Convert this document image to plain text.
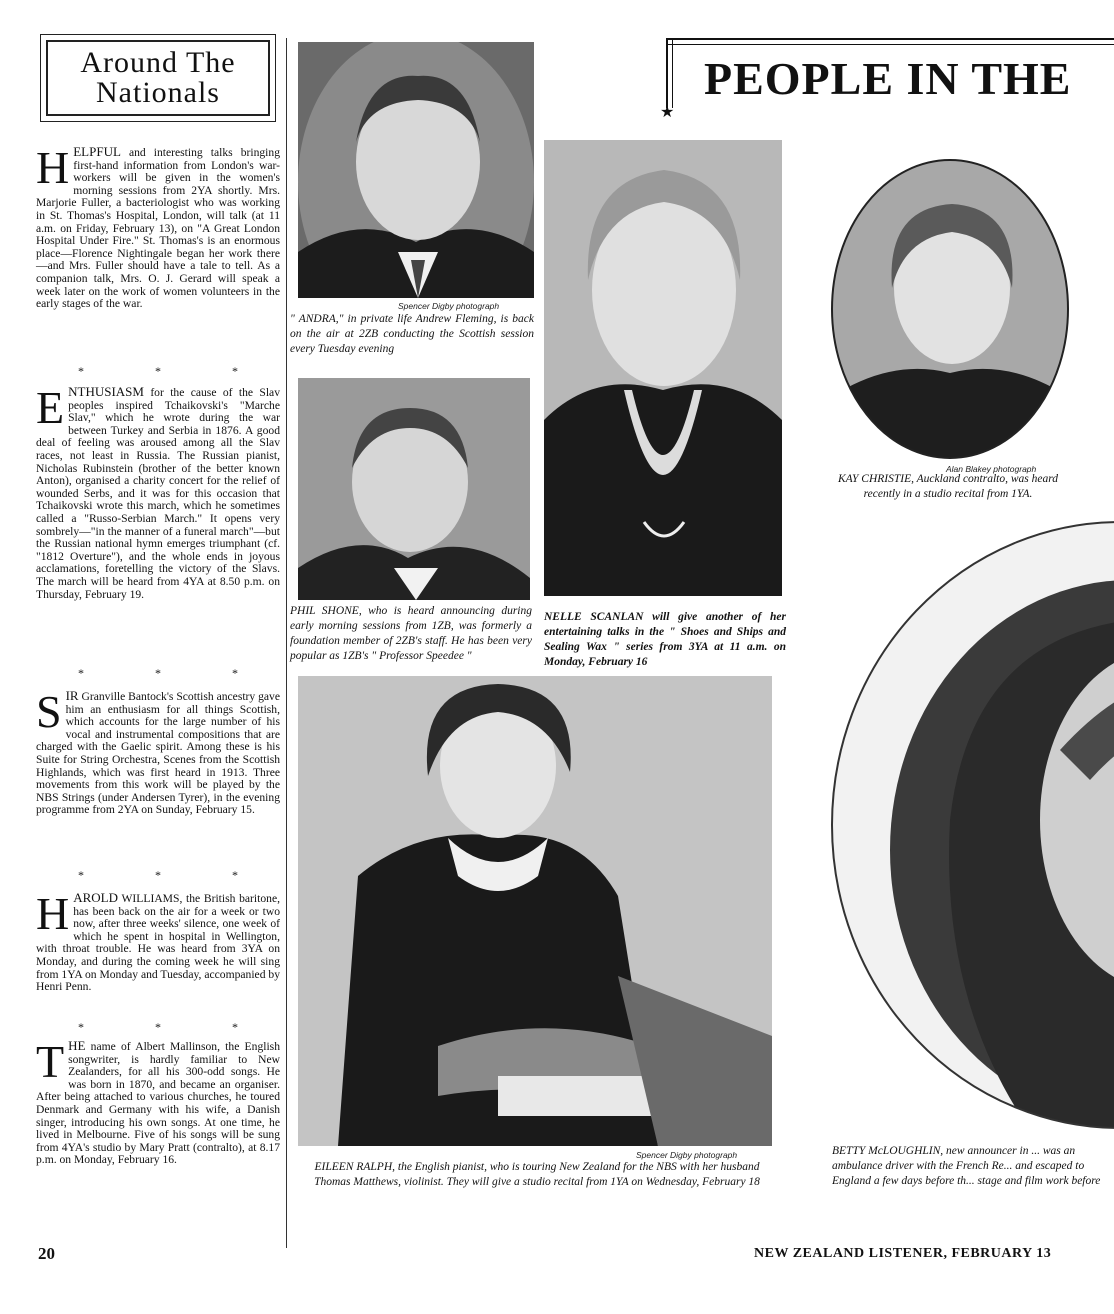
Around The
Nationals
HELPFUL and interesting talks bringing first-hand information from London's war-workers will be given in the women's morning sessions from 2YA shortly. Mrs. Marjorie Fuller, a bacteriologist who was working in St. Thomas's Hospital, London, will talk (at 11 a.m. on Friday, February 13), on "A Great London Hospital Under Fire." St. Thomas's is an enormous place—Florence Nightingale began her work there—and Mrs. Fuller should have a tale to tell. As a companion talk, Mrs. O. J. Gerard will speak a week later on the work of women volunteers in the early stages of the war.
* * *
ENTHUSIASM for the cause of the Slav peoples inspired Tchaikovski's "Marche Slav," which he wrote during the war between Turkey and Serbia in 1876. A good deal of feeling was aroused among all the Slav races, not least in Russia. The Russian pianist, Nicholas Rubinstein (brother of the better known Anton), organised a charity concert for the relief of wounded Serbs, and it was for this occasion that Tchaikovski wrote this march, which he sometimes called a "Russo-Serbian March." It opens very sombrely—"in the manner of a funeral march"—but the Russian national hymn emerges triumphant (cf. "1812 Overture"), and the whole ends in joyous acclamations, foretelling the victory of the Slavs. The march will be heard from 4YA at 8.50 p.m. on Thursday, February 19.
* * *
SIR Granville Bantock's Scottish ancestry gave him an enthusiasm for all things Scottish, which accounts for the large number of his vocal and instrumental compositions that are charged with the Gaelic spirit. Among these is his Suite for String Orchestra, Scenes from the Scottish Highlands, which was first heard in 1913. Three movements from this work will be played by the NBS Strings (under Andersen Tyrer), in the evening programme from 2YA on Sunday, February 15.
* * *
HAROLD WILLIAMS, the British baritone, has been back on the air for a week or two now, after three weeks' silence, one week of which he spent in hospital in Wellington, with throat trouble. He was heard from 3YA on Monday, and during the coming week he will sing from 1YA on Monday and Tuesday, accompanied by Henri Penn.
* * *
THE name of Albert Mallinson, the English songwriter, is hardly familiar to New Zealanders, for all his 300-odd songs. He was born in 1870, and became an organiser. After being attached to various churches, he toured Denmark and Germany with his wife, a Danish singer, introducing his own songs. At one time, he lived in Melbourne. Five of his songs will be sung from 4YA's studio by Mary Pratt (contralto), at 8.17 p.m. on Monday, February 16.
Spencer Digby photograph
" ANDRA," in private life Andrew Fleming, is back on the air at 2ZB conducting the Scottish session every Tuesday evening
PHIL SHONE, who is heard announcing during early morning sessions from 1ZB, was formerly a foundation member of 2ZB's staff. He has been very popular as 1ZB's " Professor Speedee "
NELLE SCANLAN will give another of her entertaining talks in the " Shoes and Ships and Sealing Wax " series from 3YA at 11 a.m. on Monday, February 16
★
PEOPLE IN THE
Alan Blakey photograph
KAY CHRISTIE, Auckland contralto, was heard recently in a studio recital from 1YA.
Spencer Digby photograph
EILEEN RALPH, the English pianist, who is touring New Zealand for the NBS with her husband Thomas Matthews, violinist. They will give a studio recital from 1YA on Wednesday, February 18
BETTY McLOUGHLIN, new announcer in ... was an ambulance driver with the French Re... and escaped to England a few days before th... stage and film work before
20	NEW ZEALAND LISTENER, FEBRUARY 13
